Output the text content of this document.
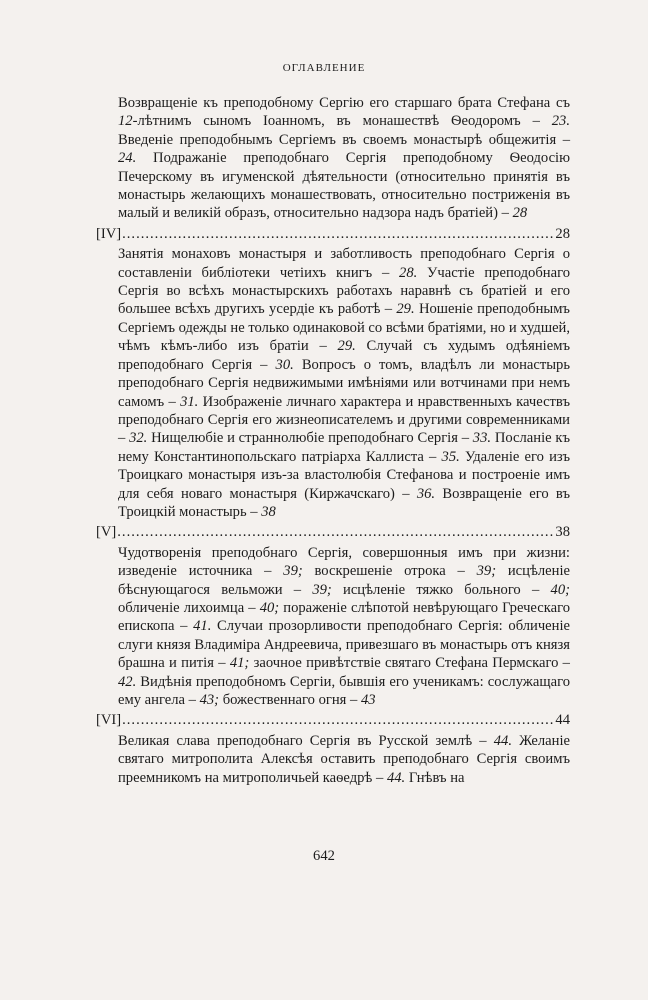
ОГЛАВЛЕНИЕ
Возвращеніе къ преподобному Сергію его старшаго брата Стефана съ 12-лѣтнимъ сыномъ Іоанномъ, въ монашествѣ Ѳеодоромъ – 23. Введеніе преподобнымъ Сергіемъ въ своемъ монастырѣ общежитія – 24. Подражаніе преподобнаго Сергія преподобному Ѳеодосію Печерскому въ игуменской дѣятельности (относительно принятія въ монастырь желающихъ монашествовать, относительно постриженія въ малый и великій образъ, относительно надзора надъ братіей) – 28
[IV] .....	28
Занятія монаховъ монастыря и заботливость преподобнаго Сергія о составленіи библіотеки четіихъ книгъ – 28. Участіе преподобнаго Сергія во всѣхъ монастырскихъ работахъ наравнѣ съ братіей и его большее всѣхъ другихъ усердіе къ работѣ – 29. Ношеніе преподобнымъ Сергіемъ одежды не только одинаковой со всѣми братіями, но и худшей, чѣмъ кѣмъ-либо изъ братіи – 29. Случай съ худымъ одѣяніемъ преподобнаго Сергія – 30. Вопросъ о томъ, владѣлъ ли монастырь преподобнаго Сергія недвижимыми имѣніями или вотчинами при немъ самомъ – 31. Изображеніе личнаго характера и нравственныхъ качествъ преподобнаго Сергія его жизнеописателемъ и другими современниками – 32. Нищелюбіе и страннолюбіе преподобнаго Сергія – 33. Посланіе къ нему Константинопольскаго патріарха Каллиста – 35. Удаленіе его изъ Троицкаго монастыря изъ-за властолюбія Стефанова и построеніе имъ для себя новаго монастыря (Киржачскаго) – 36. Возвращеніе его въ Троицкій монастырь – 38
[V] .....	38
Чудотворенія преподобнаго Сергія, совершонныя имъ при жизни: изведеніе источника – 39; воскрешеніе отрока – 39; исцѣленіе бѣснующагося вельможи – 39; исцѣленіе тяжко больного – 40; обличеніе лихоимца – 40; пораженіе слѣпотой невѣрующаго Греческаго епископа – 41. Случаи прозорливости преподобнаго Сергія: обличеніе слуги князя Владиміра Андреевича, привезшаго въ монастырь отъ князя брашна и питія – 41; заочное привѣтствіе святаго Стефана Пермскаго – 42. Видѣнія преподобномъ Сергіи, бывшія его ученикамъ: сослужащаго ему ангела – 43; божественнаго огня – 43
[VI] .....	44
Великая слава преподобнаго Сергія въ Русской землѣ – 44. Желаніе святаго митрополита Алексѣя оставить преподобнаго Сергія своимъ преемникомъ на митрополичьей каѳедрѣ – 44. Гнѣвъ на
642
